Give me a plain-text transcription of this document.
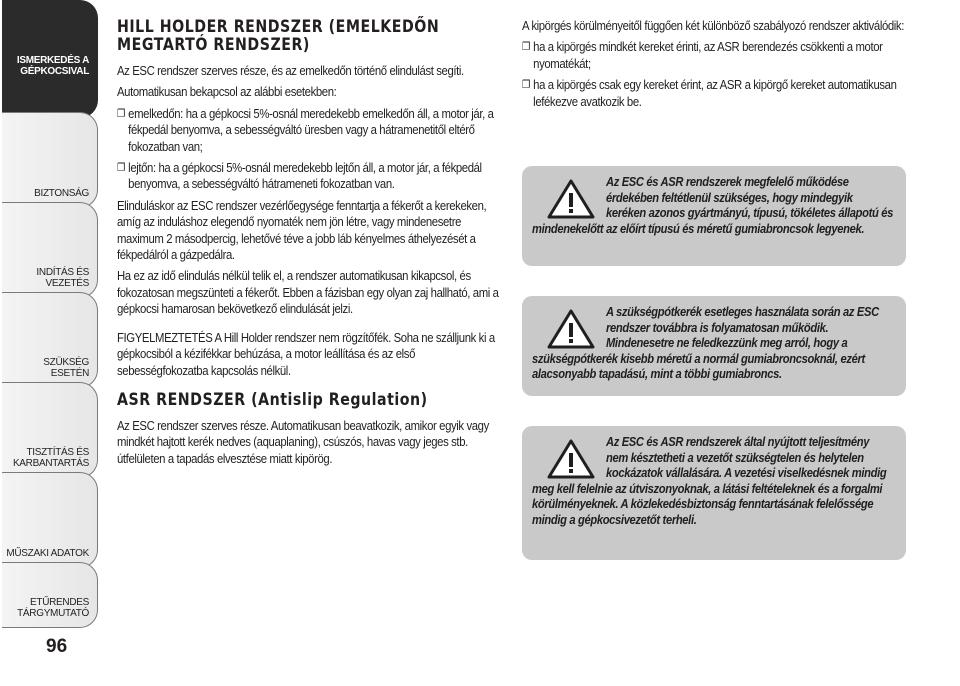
ISMERKEDÉS A GÉPKOCSIVAL
BIZTONSÁG
INDÍTÁS ÉS VEZETÉS
SZÜKSÉG ESETÉN
TISZTÍTÁS ÉS KARBANTARTÁS
MŰSZAKI ADATOK
ETŰRENDES TÁRGYMUTATÓ
96
HILL HOLDER RENDSZER (EMELKEDŐN MEGTARTÓ RENDSZER)

Az ESC rendszer szerves része, és az emelkedőn történő elindulást segíti.

Automatikusan bekapcsol az alábbi esetekben:

❐ emelkedőn: ha a gépkocsi 5%-osnál meredekebb emelkedőn áll, a motor jár, a fékpedál benyomva, a sebességváltó üresben vagy a hátramenetitől eltérő fokozatban van;
❐ lejtőn: ha a gépkocsi 5%-osnál meredekebb lejtőn áll, a motor jár, a fékpedál benyomva, a sebességváltó hátrameneti fokozatban van.

Elinduláskor az ESC rendszer vezérlőegysége fenntartja a fékerőt a kerekeken, amíg az induláshoz elegendő nyomaték nem jön létre, vagy mindenesetre maximum 2 másodpercig, lehetővé téve a jobb láb kényelmes áthelyezését a fékpedálról a gázpedálra.

Ha ez az idő elindulás nélkül telik el, a rendszer automatikusan kikapcsol, és fokozatosan megszünteti a fékerőt. Ebben a fázisban egy olyan zaj hallható, ami a gépkocsi hamarosan bekövetkező elindulását jelzi.

FIGYELMEZTETÉS A Hill Holder rendszer nem rögzítőfék. Soha ne szálljunk ki a gépkocsiból a kézifékkar behúzása, a motor leállítása és az első sebességfokozatba kapcsolás nélkül.

ASR RENDSZER (Antislip Regulation)

Az ESC rendszer szerves része. Automatikusan beavatkozik, amikor egyik vagy mindkét hajtott kerék nedves (aquaplaning), csúszós, havas vagy jeges stb. útfelületen a tapadás elvesztése miatt kipörög.

A kipörgés körülményeitől függően két különböző szabályozó rendszer aktiválódik:

❐ ha a kipörgés mindkét kereket érinti, az ASR berendezés csökkenti a motor nyomatékát;
❐ ha a kipörgés csak egy kereket érint, az ASR a kipörgő kereket automatikusan lefékezve avatkozik be.
Az ESC és ASR rendszerek megfelelő működése érdekében feltétlenül szükséges, hogy mindegyik keréken azonos gyártmányú, típusú, tökéletes állapotú és mindenekelőtt az előírt típusú és méretű gumiabroncsok legyenek.
A szükségpótkerék esetleges használata során az ESC rendszer továbbra is folyamatosan működik. Mindenesetre ne feledkezzünk meg arról, hogy a szükségpótkerék kisebb méretű a normál gumiabroncsoknál, ezért alacsonyabb tapadású, mint a többi gumiabroncs.
Az ESC és ASR rendszerek által nyújtott teljesítmény nem késztetheti a vezetőt szükségtelen és helytelen kockázatok vállalására. A vezetési viselkedésnek mindig meg kell felelnie az útviszonyoknak, a látási feltételeknek és a forgalmi körülményeknek. A közlekedésbiztonság fenntartásának felelőssége mindig a gépkocsivezetőt terheli.
